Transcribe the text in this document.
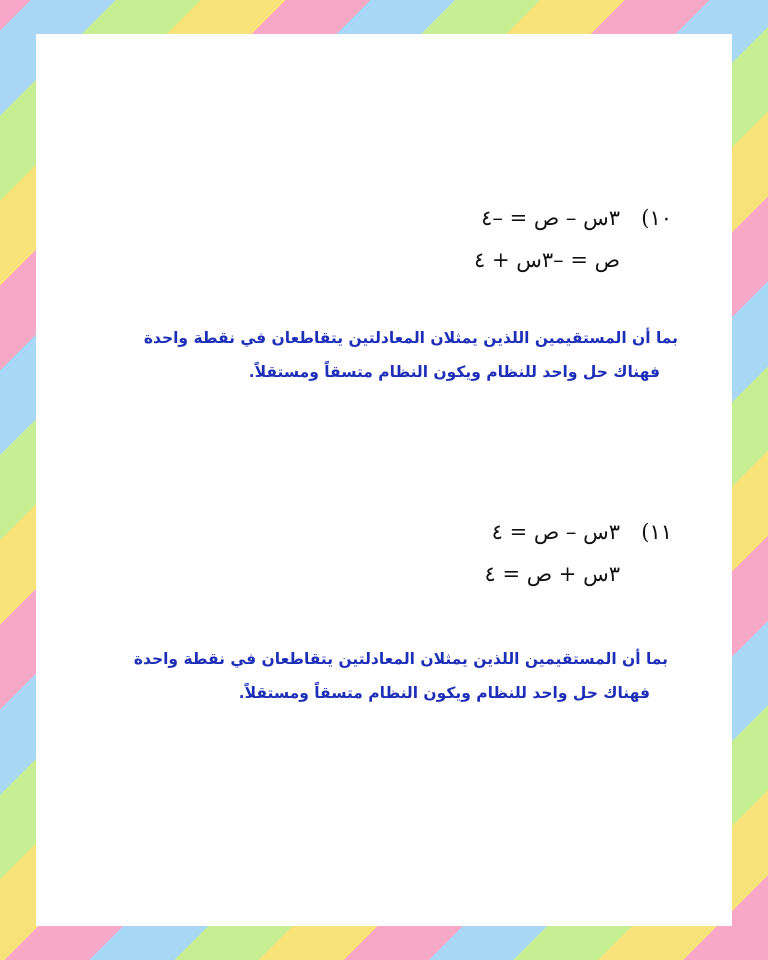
١٠)
٣س – ص = –٤
ص = –٣س + ٤

بما أن المستقيمين اللذين يمثلان المعادلتين يتقاطعان في نقطة واحدة

فهناك حل واحد للنظام ويكون النظام متسقاً ومستقلاً.

١١)
٣س – ص = ٤
٣س + ص = ٤

بما أن المستقيمين اللذين يمثلان المعادلتين يتقاطعان في نقطة واحدة

فهناك حل واحد للنظام ويكون النظام متسقاً ومستقلاً.
